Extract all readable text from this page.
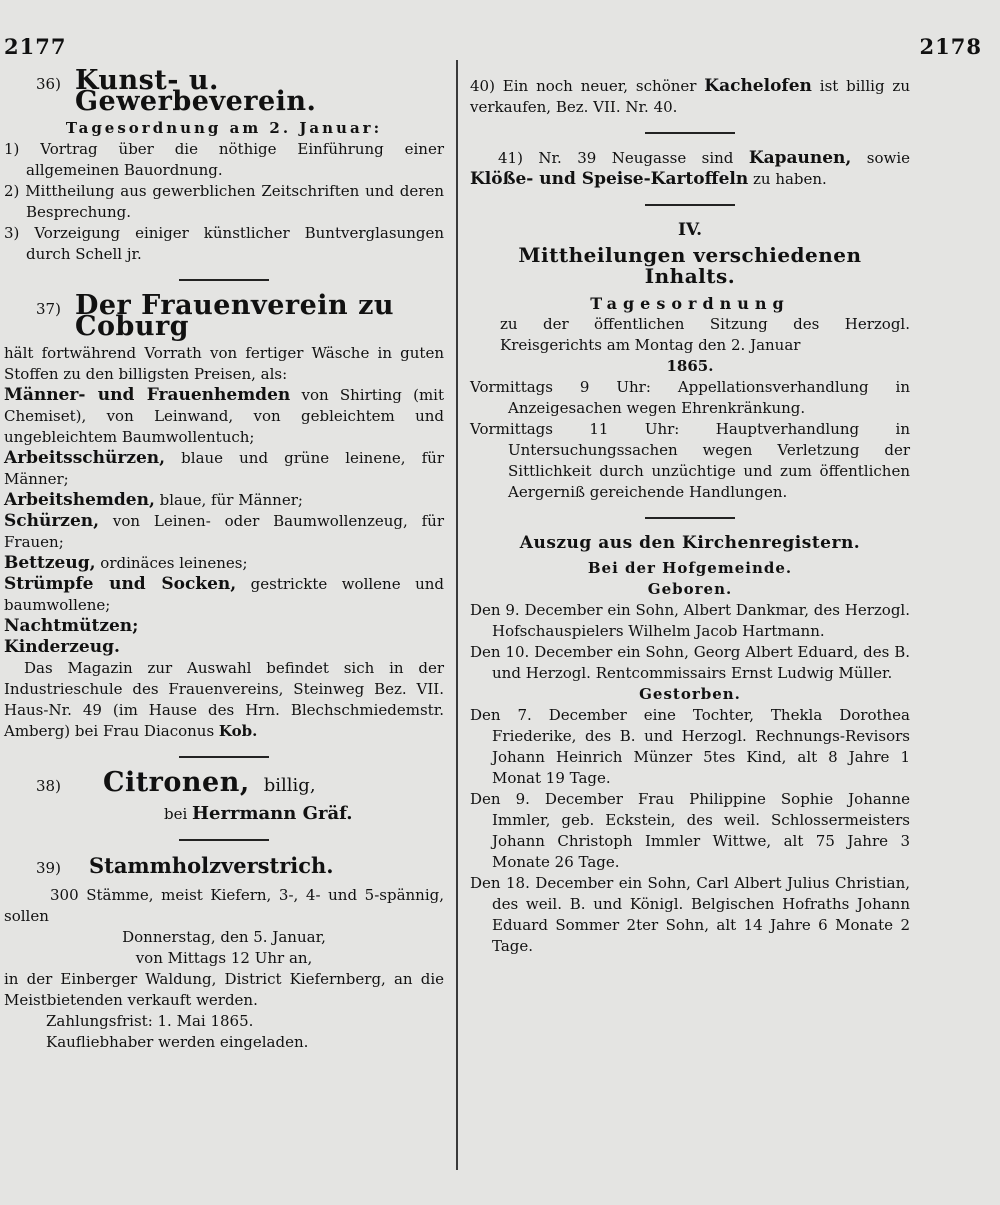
2177	2178
36) Kunst- u. Gewerbeverein.

Tagesordnung am 2. Januar:

1) Vortrag über die nöthige Einführung einer allgemeinen Bauordnung.

2) Mittheilung aus gewerblichen Zeitschriften und deren Besprechung.

3) Vorzeigung einiger künstlicher Buntverglasungen durch Schell jr.

37) Der Frauenverein zu Coburg

hält fortwährend Vorrath von fertiger Wäsche in guten Stoffen zu den billigsten Preisen, als:

Männer- und Frauenhemden von Shirting (mit Chemiset), von Leinwand, von gebleichtem und ungebleichtem Baumwollentuch;

Arbeitsschürzen, blaue und grüne leinene, für Männer;

Arbeitshemden, blaue, für Männer;

Schürzen, von Leinen- oder Baumwollenzeug, für Frauen;

Bettzeug, ordinäces leinenes;

Strümpfe und Socken, gestrickte wollene und baumwollene;

Nachtmützen;

Kinderzeug.

Das Magazin zur Auswahl befindet sich in der Industrieschule des Frauenvereins, Steinweg Bez. VII. Haus-Nr. 49 (im Hause des Hrn. Blechschmiedemstr. Amberg) bei Frau Diaconus Kob.

38) Citronen, billig,

bei Herrmann Gräf.

39) Stammholzverstrich.

300 Stämme, meist Kiefern, 3-, 4- und 5-spännig, sollen

Donnerstag, den 5. Januar,

von Mittags 12 Uhr an,

in der Einberger Waldung, District Kiefernberg, an die Meistbietenden verkauft werden.

Zahlungsfrist: 1. Mai 1865.

Kaufliebhaber werden eingeladen.

40) Ein noch neuer, schöner Kachelofen ist billig zu verkaufen, Bez. VII. Nr. 40.

41) Nr. 39 Neugasse sind Kapaunen, sowie Klöße- und Speise-Kartoffeln zu haben.

IV.

Mittheilungen verschiedenen Inhalts.

Tagesordnung

zu der öffentlichen Sitzung des Herzogl. Kreisgerichts am Montag den 2. Januar

1865.

Vormittags 9 Uhr: Appellationsverhandlung in Anzeigesachen wegen Ehrenkränkung.

Vormittags 11 Uhr: Hauptverhandlung in Untersuchungssachen wegen Verletzung der Sittlichkeit durch unzüchtige und zum öffentlichen Aergerniß gereichende Handlungen.

Auszug aus den Kirchenregistern.

Bei der Hofgemeinde.

Geboren.

Den 9. December ein Sohn, Albert Dankmar, des Herzogl. Hofschauspielers Wilhelm Jacob Hartmann.

Den 10. December ein Sohn, Georg Albert Eduard, des B. und Herzogl. Rentcommissairs Ernst Ludwig Müller.

Gestorben.

Den 7. December eine Tochter, Thekla Dorothea Friederike, des B. und Herzogl. Rechnungs-Revisors Johann Heinrich Münzer 5tes Kind, alt 8 Jahre 1 Monat 19 Tage.

Den 9. December Frau Philippine Sophie Johanne Immler, geb. Eckstein, des weil. Schlossermeisters Johann Christoph Immler Wittwe, alt 75 Jahre 3 Monate 26 Tage.

Den 18. December ein Sohn, Carl Albert Julius Christian, des weil. B. und Königl. Belgischen Hofraths Johann Eduard Sommer 2ter Sohn, alt 14 Jahre 6 Monate 2 Tage.
